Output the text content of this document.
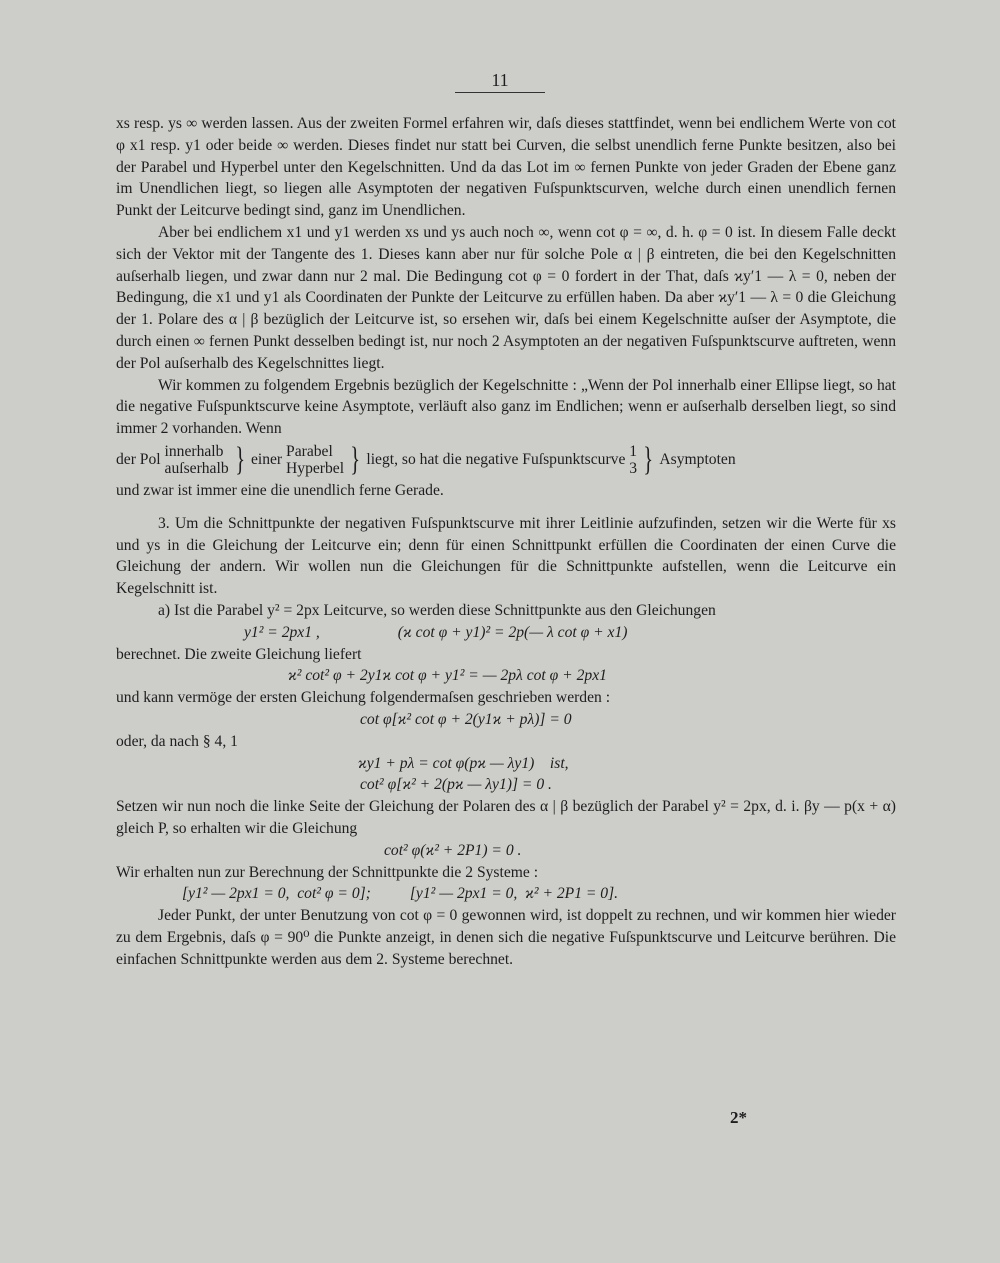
11

xs resp. ys ∞ werden lassen. Aus der zweiten Formel erfahren wir, daſs dieses stattfindet, wenn bei endlichem Werte von cot φ x1 resp. y1 oder beide ∞ werden. Dieses findet nur statt bei Curven, die selbst unendlich ferne Punkte besitzen, also bei der Parabel und Hyperbel unter den Kegelschnitten. Und da das Lot im ∞ fernen Punkte von jeder Graden der Ebene ganz im Unendlichen liegt, so liegen alle Asymptoten der negativen Fuſspunktscurven, welche durch einen unendlich fernen Punkt der Leitcurve bedingt sind, ganz im Unendlichen.

Aber bei endlichem x1 und y1 werden xs und ys auch noch ∞, wenn cot φ = ∞, d. h. φ = 0 ist. In diesem Falle deckt sich der Vektor mit der Tangente des 1. Dieses kann aber nur für solche Pole α | β eintreten, die bei den Kegelschnitten auſserhalb liegen, und zwar dann nur 2 mal. Die Bedingung cot φ = 0 fordert in der That, daſs ϰy′1 — λ = 0, neben der Bedingung, die x1 und y1 als Coordinaten der Punkte der Leitcurve zu erfüllen haben. Da aber ϰy′1 — λ = 0 die Gleichung der 1. Polare des α | β bezüglich der Leitcurve ist, so ersehen wir, daſs bei einem Kegelschnitte auſser der Asymptote, die durch einen ∞ fernen Punkt desselben bedingt ist, nur noch 2 Asymptoten an der negativen Fuſspunktscurve auftreten, wenn der Pol auſserhalb des Kegelschnittes liegt.

Wir kommen zu folgendem Ergebnis bezüglich der Kegelschnitte : „Wenn der Pol innerhalb einer Ellipse liegt, so hat die negative Fuſspunktscurve keine Asymptote, verläuft also ganz im Endlichen; wenn er auſserhalb derselben liegt, so sind immer 2 vorhanden. Wenn

der Pol
innerhalb
auſserhalb } einer
Parabel
Hyperbel } liegt, so hat die negative Fuſspunktscurve
1
3 } Asymptoten

und zwar ist immer eine die unendlich ferne Gerade.

3. Um die Schnittpunkte der negativen Fuſspunktscurve mit ihrer Leitlinie aufzufinden, setzen wir die Werte für xs und ys in die Gleichung der Leitcurve ein; denn für einen Schnittpunkt erfüllen die Coordinaten der einen Curve die Gleichung der andern. Wir wollen nun die Gleichungen für die Schnittpunkte aufstellen, wenn die Leitcurve ein Kegelschnitt ist.

a) Ist die Parabel y² = 2px Leitcurve, so werden diese Schnittpunkte aus den Gleichungen

y1² = 2px1 ,                    (ϰ cot φ + y1)² = 2p(— λ cot φ + x1)

berechnet. Die zweite Gleichung liefert

ϰ² cot² φ + 2y1ϰ cot φ + y1² = — 2pλ cot φ + 2px1

und kann vermöge der ersten Gleichung folgendermaſsen geschrieben werden :

cot φ[ϰ² cot φ + 2(y1ϰ + pλ)] = 0

oder, da nach § 4, 1

ϰy1 + pλ = cot φ(pϰ — λy1)    ist,

cot² φ[ϰ² + 2(pϰ — λy1)] = 0 .

Setzen wir nun noch die linke Seite der Gleichung der Polaren des α | β bezüglich der Parabel y² = 2px, d. i. βy — p(x + α) gleich P, so erhalten wir die Gleichung

cot² φ(ϰ² + 2P1) = 0 .

Wir erhalten nun zur Berechnung der Schnittpunkte die 2 Systeme :

[y1² — 2px1 = 0,  cot² φ = 0];          [y1² — 2px1 = 0,  ϰ² + 2P1 = 0].

Jeder Punkt, der unter Benutzung von cot φ = 0 gewonnen wird, ist doppelt zu rechnen, und wir kommen hier wieder zu dem Ergebnis, daſs φ = 90⁰ die Punkte anzeigt, in denen sich die negative Fuſspunktscurve und Leitcurve berühren. Die einfachen Schnittpunkte werden aus dem 2. Systeme berechnet.

2*
